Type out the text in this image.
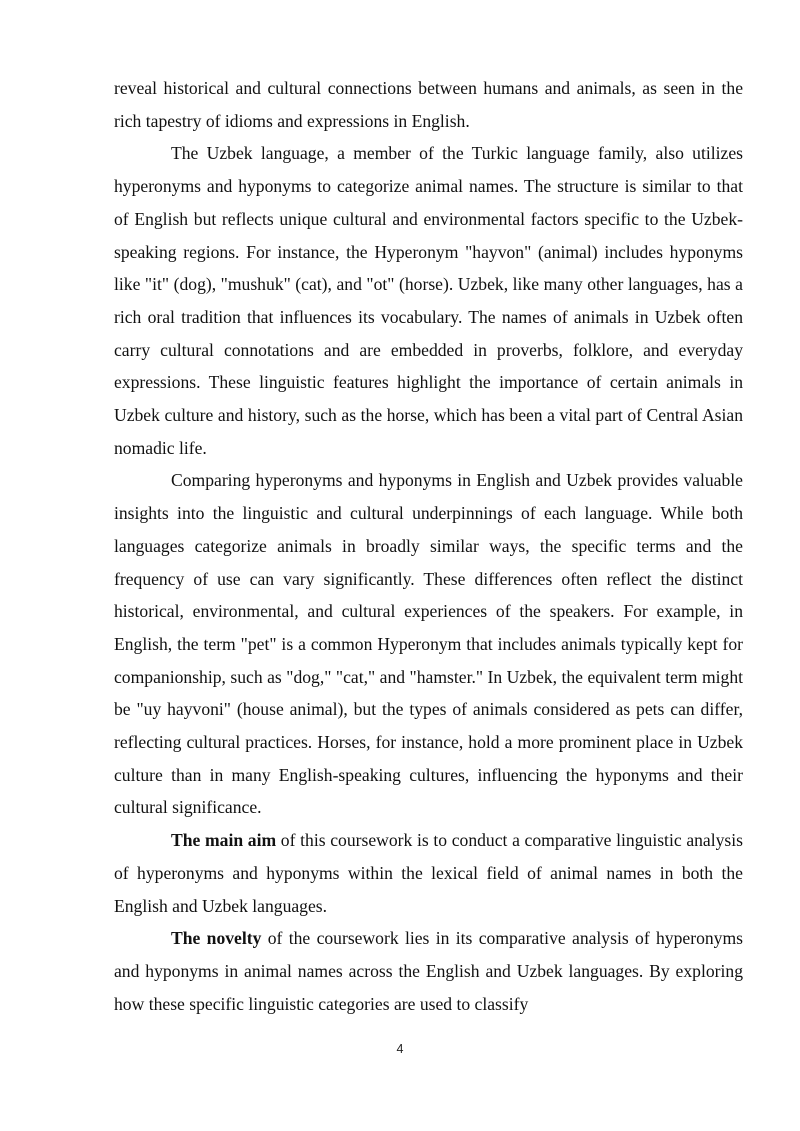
reveal historical and cultural connections between humans and animals, as seen in the rich tapestry of idioms and expressions in English.

The Uzbek language, a member of the Turkic language family, also utilizes hyperonyms and hyponyms to categorize animal names. The structure is similar to that of English but reflects unique cultural and environmental factors specific to the Uzbek-speaking regions. For instance, the Hyperonym "hayvon" (animal) includes hyponyms like "it" (dog), "mushuk" (cat), and "ot" (horse). Uzbek, like many other languages, has a rich oral tradition that influences its vocabulary. The names of animals in Uzbek often carry cultural connotations and are embedded in proverbs, folklore, and everyday expressions. These linguistic features highlight the importance of certain animals in Uzbek culture and history, such as the horse, which has been a vital part of Central Asian nomadic life.

Comparing hyperonyms and hyponyms in English and Uzbek provides valuable insights into the linguistic and cultural underpinnings of each language. While both languages categorize animals in broadly similar ways, the specific terms and the frequency of use can vary significantly. These differences often reflect the distinct historical, environmental, and cultural experiences of the speakers. For example, in English, the term "pet" is a common Hyperonym that includes animals typically kept for companionship, such as "dog," "cat," and "hamster." In Uzbek, the equivalent term might be "uy hayvoni" (house animal), but the types of animals considered as pets can differ, reflecting cultural practices. Horses, for instance, hold a more prominent place in Uzbek culture than in many English-speaking cultures, influencing the hyponyms and their cultural significance.

The main aim of this coursework is to conduct a comparative linguistic analysis of hyperonyms and hyponyms within the lexical field of animal names in both the English and Uzbek languages.

The novelty of the coursework lies in its comparative analysis of hyperonyms and hyponyms in animal names across the English and Uzbek languages. By exploring how these specific linguistic categories are used to classify

4
